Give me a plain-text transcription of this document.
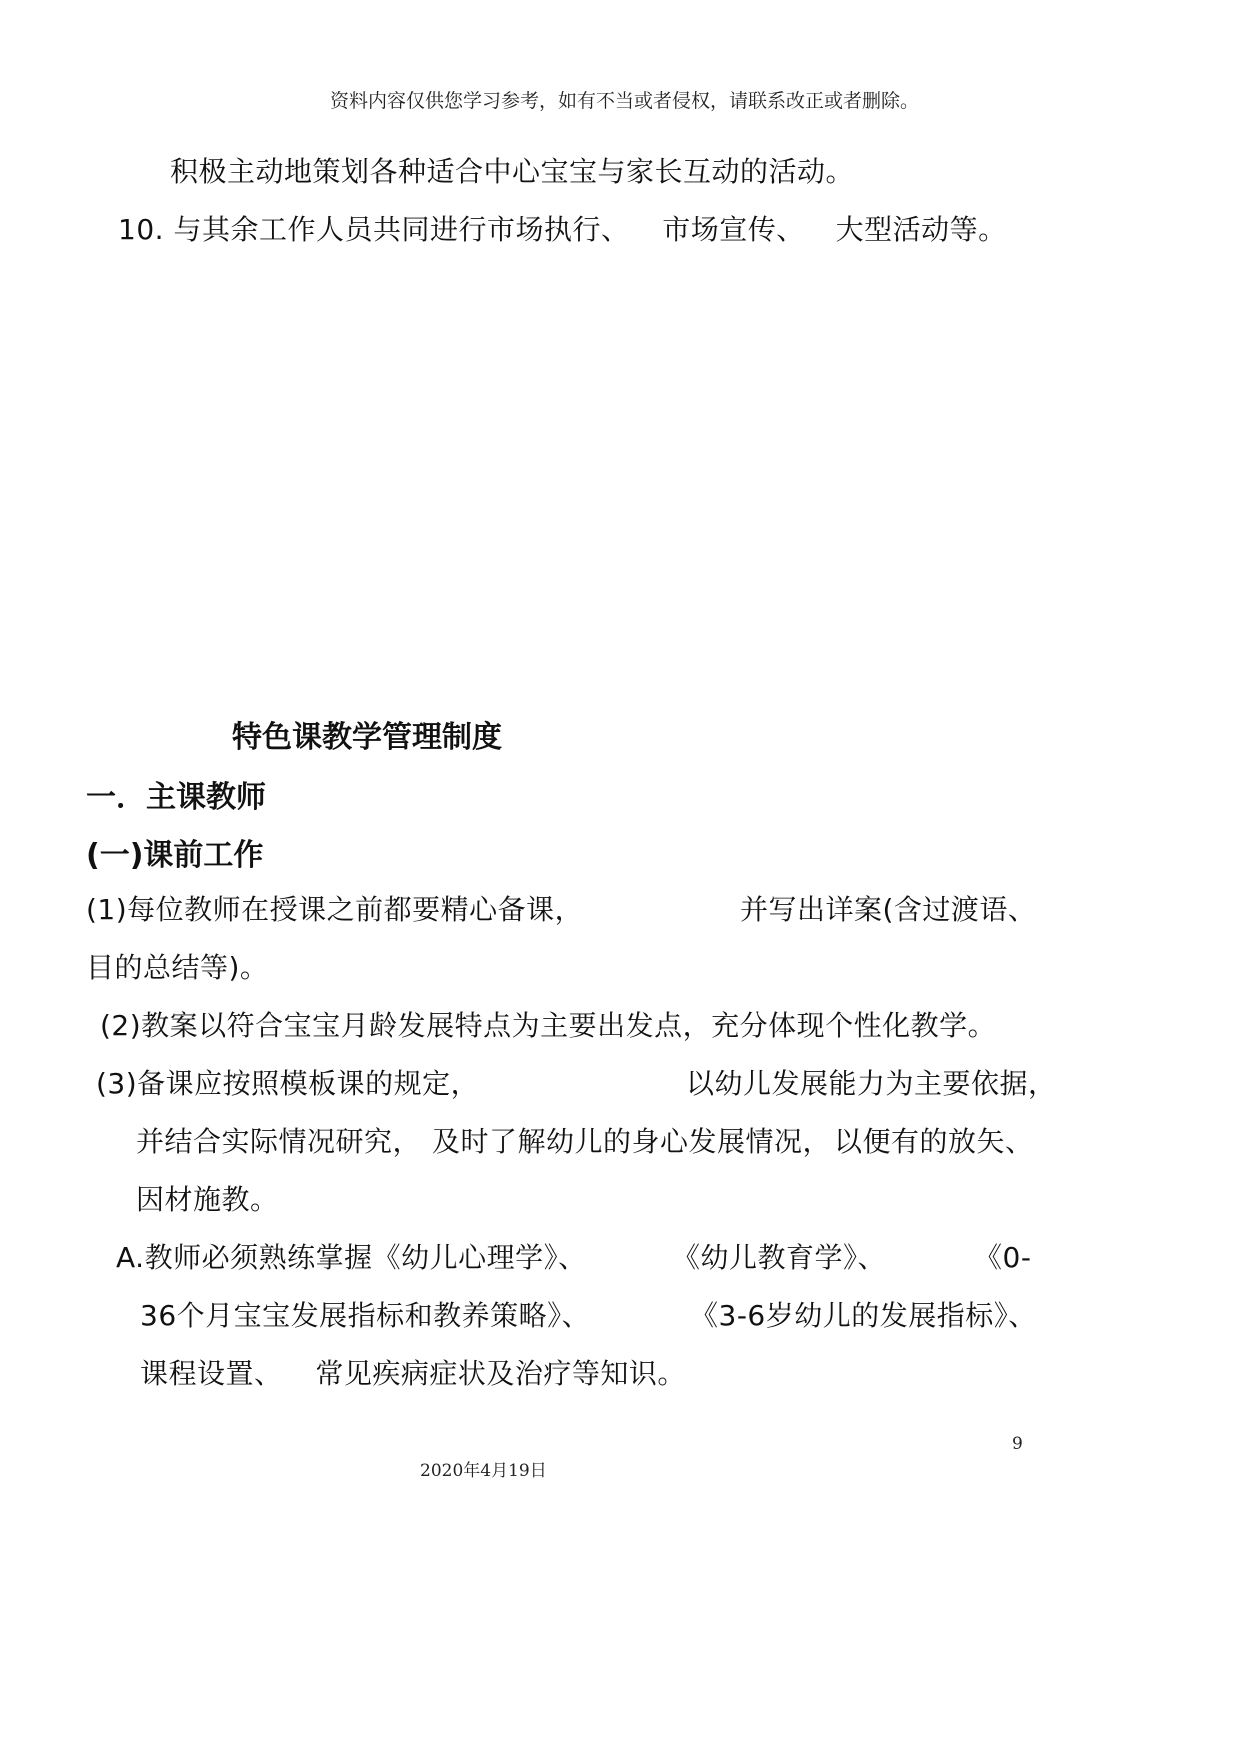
资料内容仅供您学习参考，如有不当或者侵权，请联系改正或者删除。
积极主动地策划各种适合中心宝宝与家长互动的活动。
10. 与其余工作人员共同进行市场执行、 市场宣传、 大型活动等。
特色课教学管理制度
一．主课教师
(一)课前工作
(1)每位教师在授课之前都要精心备课，	并写出详案(含过渡语、
目的总结等)。
(2)教案以符合宝宝月龄发展特点为主要出发点，充分体现个性化教学。
(3)备课应按照模板课的规定，	以幼儿发展能力为主要依据，
并结合实际情况研究， 及时了解幼儿的身心发展情况， 以便有的放矢、
因材施教。
A.教师必须熟练掌握《幼儿心理学》、	《幼儿教育学》、	《0-
36个月宝宝发展指标和教养策略》、	《3-6岁幼儿的发展指标》、
课程设置、 常见疾病症状及治疗等知识。
9
2020年4月19日
